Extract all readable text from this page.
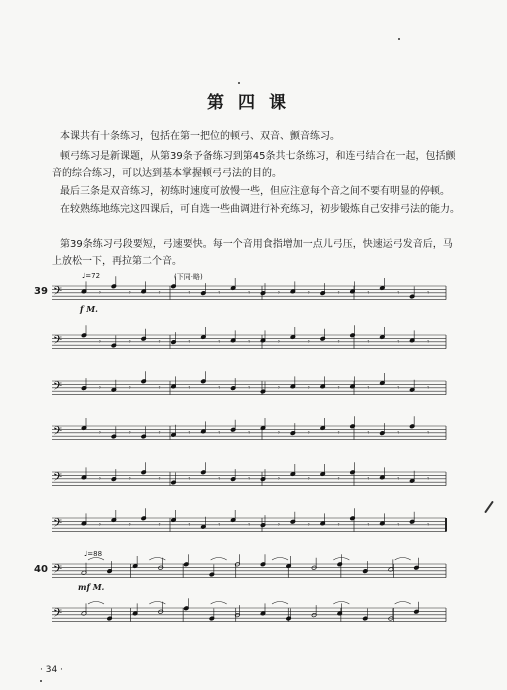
第四课

本课共有十条练习，包括在第一把位的顿弓、双音、颤音练习。

顿弓练习是新课题，从第39条予备练习到第45条共七条练习，和连弓结合在一起，包括颤音的综合练习，可以达到基本掌握顿弓弓法的目的。

最后三条是双音练习，初练时速度可放慢一些，但应注意每个音之间不要有明显的停顿。

在较熟练地练完这四课后，可自选一些曲调进行补充练习，初步锻炼自己安排弓法的能力。

第39条练习弓段要短，弓速要快。每一个音用食指增加一点儿弓压，快速运弓发音后，马上放松一下，再拉第二个音。

39
♩=72	(下同·略)
f M.
40
♩=88
mf M.
𝄢	𝄾	𝄾	𝄾	𝄾	𝄾	𝄾	𝄾	𝄾	𝄾	𝄾	𝄾	𝄾
𝄢	𝄾	𝄾	𝄾	𝄾	𝄾	𝄾	𝄾	𝄾	𝄾	𝄾	𝄾	𝄾
𝄢	𝄾	𝄾	𝄾	𝄾	𝄾	𝄾	𝄾	𝄾	𝄾	𝄾	𝄾	𝄾
𝄢	𝄾	𝄾	𝄾	𝄾	𝄾	𝄾	𝄾	𝄾	𝄾	𝄾	𝄾	𝄾
𝄢	𝄾	𝄾	𝄾	𝄾	𝄾	𝄾	𝄾	𝄾	𝄾	𝄾	𝄾	𝄾
𝄢	𝄾	𝄾	𝄾	𝄾	𝄾	𝄾	𝄾	𝄾	𝄾	𝄾	𝄾	𝄾
𝄢
𝄢
· 34 ·
